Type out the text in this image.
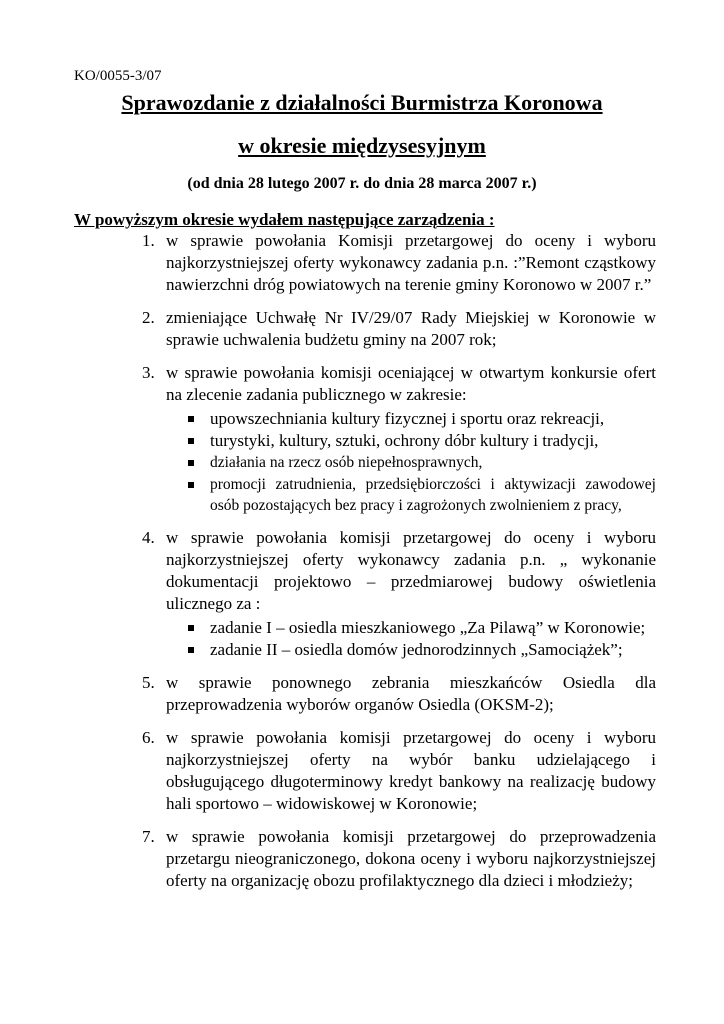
KO/0055-3/07
Sprawozdanie z działalności Burmistrza Koronowa
w okresie międzysesyjnym
(od dnia 28 lutego 2007 r. do dnia 28 marca 2007 r.)
W powyższym okresie wydałem następujące zarządzenia :
1. w sprawie powołania Komisji przetargowej do oceny i wyboru najkorzystniejszej oferty wykonawcy zadania p.n. :”Remont cząstkowy nawierzchni dróg powiatowych na terenie gminy Koronowo w 2007 r.”
2. zmieniające Uchwałę Nr IV/29/07 Rady Miejskiej w Koronowie w sprawie uchwalenia budżetu gminy na 2007 rok;
3. w sprawie powołania komisji oceniającej w otwartym konkursie ofert na zlecenie zadania publicznego w zakresie:
upowszechniania kultury fizycznej i sportu oraz rekreacji,
turystyki, kultury, sztuki, ochrony dóbr kultury i tradycji,
działania na rzecz osób niepełnosprawnych,
promocji zatrudnienia, przedsiębiorczości i aktywizacji zawodowej osób pozostających bez pracy i zagrożonych zwolnieniem z pracy,
4. w sprawie powołania komisji przetargowej do oceny i wyboru najkorzystniejszej oferty wykonawcy zadania p.n. „ wykonanie dokumentacji projektowo – przedmiarowej budowy oświetlenia ulicznego za :
zadanie I – osiedla mieszkaniowego „Za Pilawą” w Koronowie;
zadanie II – osiedla domów jednorodzinnych „Samociążek”;
5. w sprawie ponownego zebrania mieszkańców Osiedla dla przeprowadzenia wyborów organów Osiedla (OKSM-2);
6. w sprawie powołania komisji przetargowej do oceny i wyboru najkorzystniejszej oferty na wybór banku udzielającego i obsługującego długoterminowy kredyt bankowy na realizację budowy hali sportowo – widowiskowej w Koronowie;
7. w sprawie powołania komisji przetargowej do przeprowadzenia przetargu nieograniczonego, dokona oceny i wyboru najkorzystniejszej oferty na organizację obozu profilaktycznego dla dzieci i młodzieży;
